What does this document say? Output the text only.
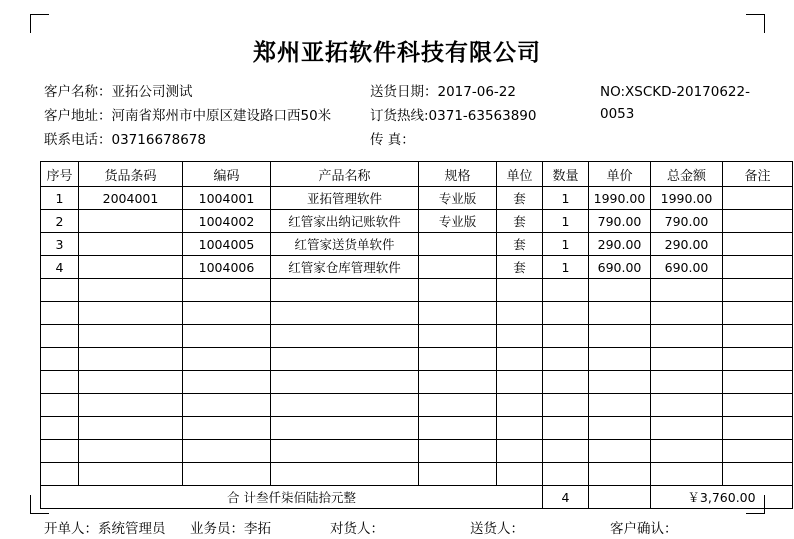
郑州亚拓软件科技有限公司
客户名称：亚拓公司测试	送货日期：2017-06-22	NO:XSCKD-20170622-0053
客户地址：河南省郑州市中原区建设路口西50米	订货热线:0371-63563890
联系电话：03716678678	传 真：
序号	货品条码	编码	产品名称	规格	单位	数量	单价	总金额	备注
1	2004001	1004001	亚拓管理软件	专业版	套	1	1990.00	1990.00	
2		1004002	红管家出纳记账软件	专业版	套	1	790.00	790.00	
3		1004005	红管家送货单软件		套	1	290.00	290.00	
4		1004006	红管家仓库管理软件		套	1	690.00	690.00	

合 计叁仟柒佰陆拾元整						4		￥3,760.00	
开单人：系统管理员 业务员：李拓	对货人：	送货人：	客户确认：
